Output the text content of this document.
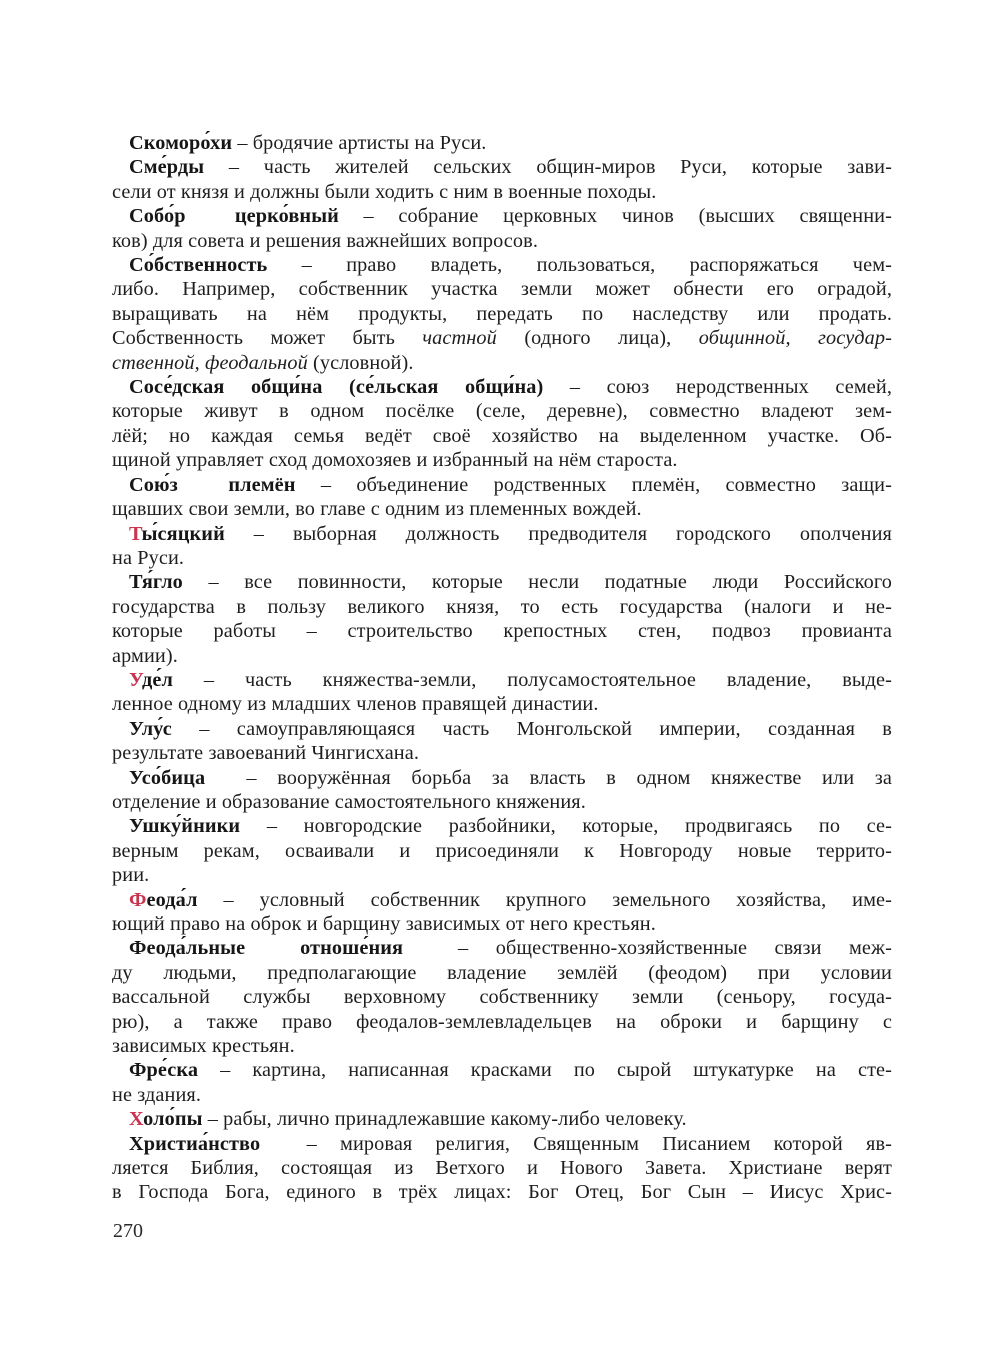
Скоморо́хи – бродячие артисты на Руси.
Сме́рды – часть жителей сельских общин-миров Руси, которые зави-
сели от князя и должны были ходить с ним в военные походы.
Собо́р  церко́вный – собрание церковных чинов (высших священни-
ков) для совета и решения важнейших вопросов.
Со́бственность – право владеть, пользоваться, распоряжаться чем-
либо. Например, собственник участка земли может обнести его оградой,
выращивать на нём продукты, передать по наследству или продать.
Собственность может быть частной (одного лица), общинной, государ-
ственной, феодальной (условной).
Сосе́дская общи́на (се́льская общи́на) – союз неродственных семей,
которые живут в одном посёлке (селе, деревне), совместно владеют зем-
лёй; но каждая семья ведёт своё хозяйство на выделенном участке. Об-
щиной управляет сход домохозяев и избранный на нём староста.
Сою́з  племён – объединение родственных племён, совместно защи-
щавших свои земли, во главе с одним из племенных вождей.
Ты́сяцкий – выборная должность предводителя городского ополчения
на Руси.
Тя́гло – все повинности, которые несли податные люди Российского
государства в пользу великого князя, то есть государства (налоги и не-
которые работы – строительство крепостных стен, подвоз провианта
армии).
Уде́л – часть княжества-земли, полусамостоятельное владение, выде-
ленное одному из младших членов правящей династии.
Улу́с – самоуправляющаяся часть Монгольской империи, созданная в
результате завоеваний Чингисхана.
Усо́бица  – вооружённая борьба за власть в одном княжестве или за
отделение и образование самостоятельного княжения.
Ушку́йники – новгородские разбойники, которые, продвигаясь по се-
верным рекам, осваивали и присоединяли к Новгороду новые террито-
рии.
Феода́л – условный собственник крупного земельного хозяйства, име-
ющий право на оброк и барщину зависимых от него крестьян.
Феода́льные  отноше́ния  – общественно-хозяйственные связи меж-
ду людьми, предполагающие владение землёй (феодом) при условии
вассальной службы верховному собственнику земли (сеньору, госуда-
рю), а также право феодалов-землевладельцев на оброки и барщину с
зависимых крестьян.
Фре́ска – картина, написанная красками по сырой штукатурке на сте-
не здания.
Холо́пы – рабы, лично принадлежавшие какому-либо человеку.
Христиа́нство  – мировая религия, Священным Писанием которой яв-
ляется Библия, состоящая из Ветхого и Нового Завета. Христиане верят
в Господа Бога, единого в трёх лицах: Бог Отец, Бог Сын – Иисус Хрис-
270
